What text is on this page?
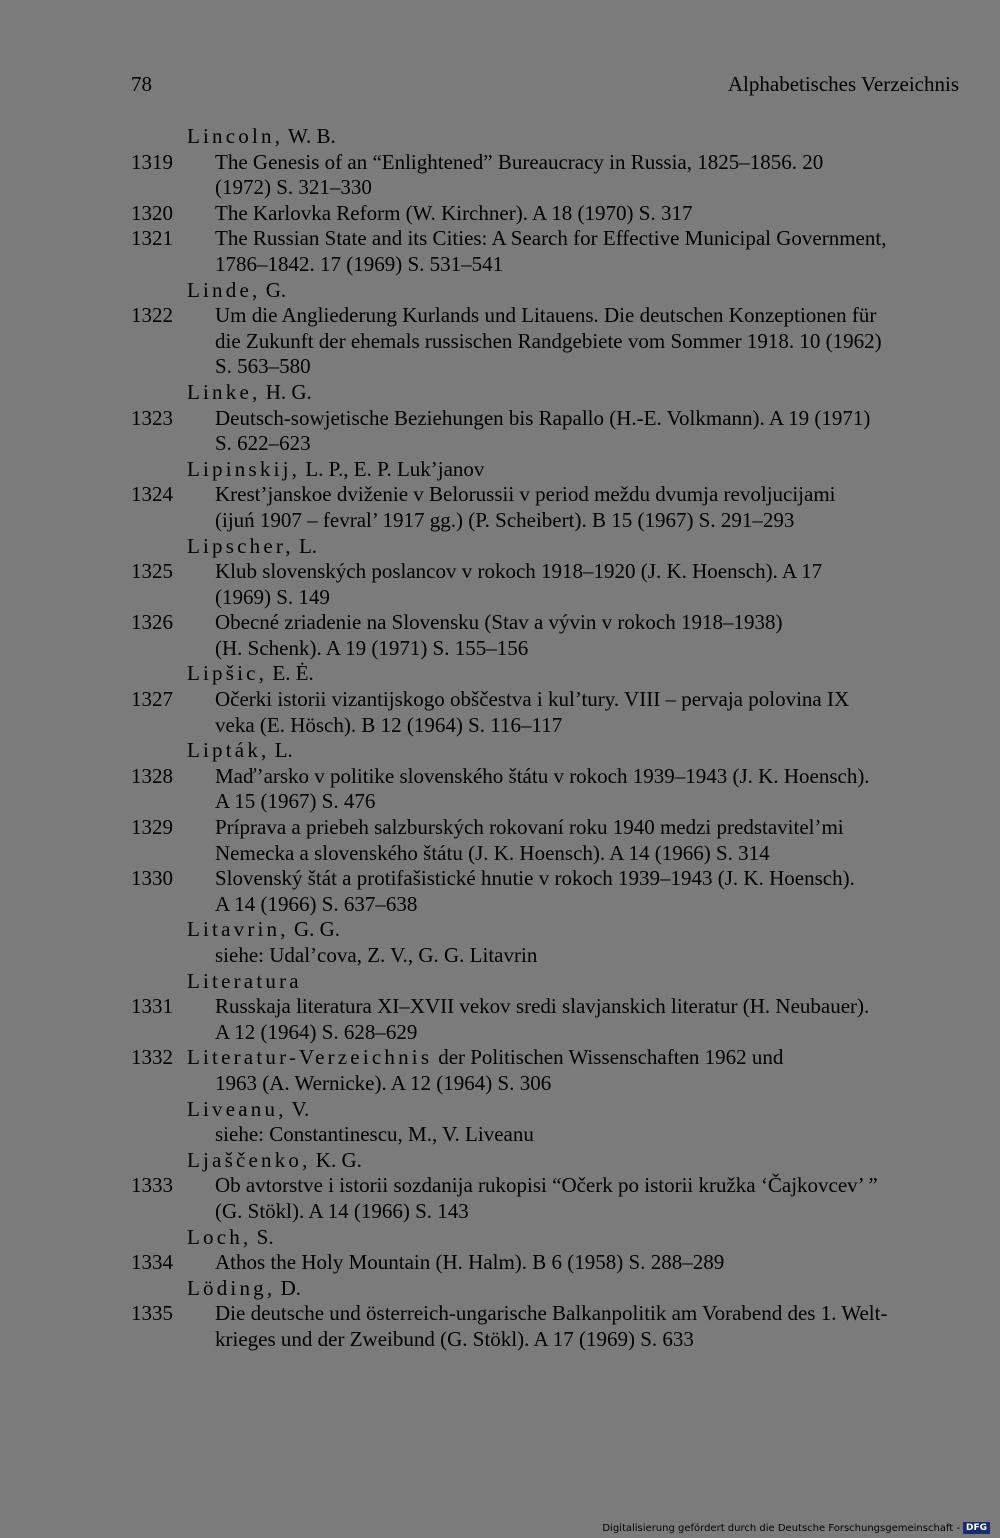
78	Alphabetisches Verzeichnis
Lincoln, W. B.
1319 The Genesis of an “Enlightened” Bureaucracy in Russia, 1825–1856. 20
(1972) S. 321–330
1320 The Karlovka Reform (W. Kirchner). A 18 (1970) S. 317
1321 The Russian State and its Cities: A Search for Effective Municipal Government,
1786–1842. 17 (1969) S. 531–541
Linde, G.
1322 Um die Angliederung Kurlands und Litauens. Die deutschen Konzeptionen für
die Zukunft der ehemals russischen Randgebiete vom Sommer 1918. 10 (1962)
S. 563–580
Linke, H. G.
1323 Deutsch-sowjetische Beziehungen bis Rapallo (H.-E. Volkmann). A 19 (1971)
S. 622–623
Lipinskij, L. P., E. P. Luk’janov
1324 Krest’janskoe dviženie v Belorussii v period meždu dvumja revoljucijami
(ijuń 1907 – fevral’ 1917 gg.) (P. Scheibert). B 15 (1967) S. 291–293
Lipscher, L.
1325 Klub slovenských poslancov v rokoch 1918–1920 (J. K. Hoensch). A 17
(1969) S. 149
1326 Obecné zriadenie na Slovensku (Stav a vývin v rokoch 1918–1938)
(H. Schenk). A 19 (1971) S. 155–156
Lipšic, E. Ė.
1327 Očerki istorii vizantijskogo obščestva i kul’tury. VIII – pervaja polovina IX
veka (E. Hösch). B 12 (1964) S. 116–117
Lipták, L.
1328 Maď’arsko v politike slovenského štátu v rokoch 1939–1943 (J. K. Hoensch).
A 15 (1967) S. 476
1329 Príprava a priebeh salzburských rokovaní roku 1940 medzi predstavitel’mi
Nemecka a slovenského štátu (J. K. Hoensch). A 14 (1966) S. 314
1330 Slovenský štát a protifašistické hnutie v rokoch 1939–1943 (J. K. Hoensch).
A 14 (1966) S. 637–638
Litavrin, G. G.
siehe: Udal’cova, Z. V., G. G. Litavrin
Literatura
1331 Russkaja literatura XI–XVII vekov sredi slavjanskich literatur (H. Neubauer).
A 12 (1964) S. 628–629
1332 Literatur-Verzeichnis der Politischen Wissenschaften 1962 und
1963 (A. Wernicke). A 12 (1964) S. 306
Liveanu, V.
siehe: Constantinescu, M., V. Liveanu
Ljaščenko, K. G.
1333 Ob avtorstve i istorii sozdanija rukopisi “Očerk po istorii kružka ‘Čajkovcev’ ”
(G. Stökl). A 14 (1966) S. 143
Loch, S.
1334 Athos the Holy Mountain (H. Halm). B 6 (1958) S. 288–289
Löding, D.
1335 Die deutsche und österreich-ungarische Balkanpolitik am Vorabend des 1. Welt-
krieges und der Zweibund (G. Stökl). A 17 (1969) S. 633
Digitalisierung gefördert durch die Deutsche Forschungsgemeinschaft - DFG
